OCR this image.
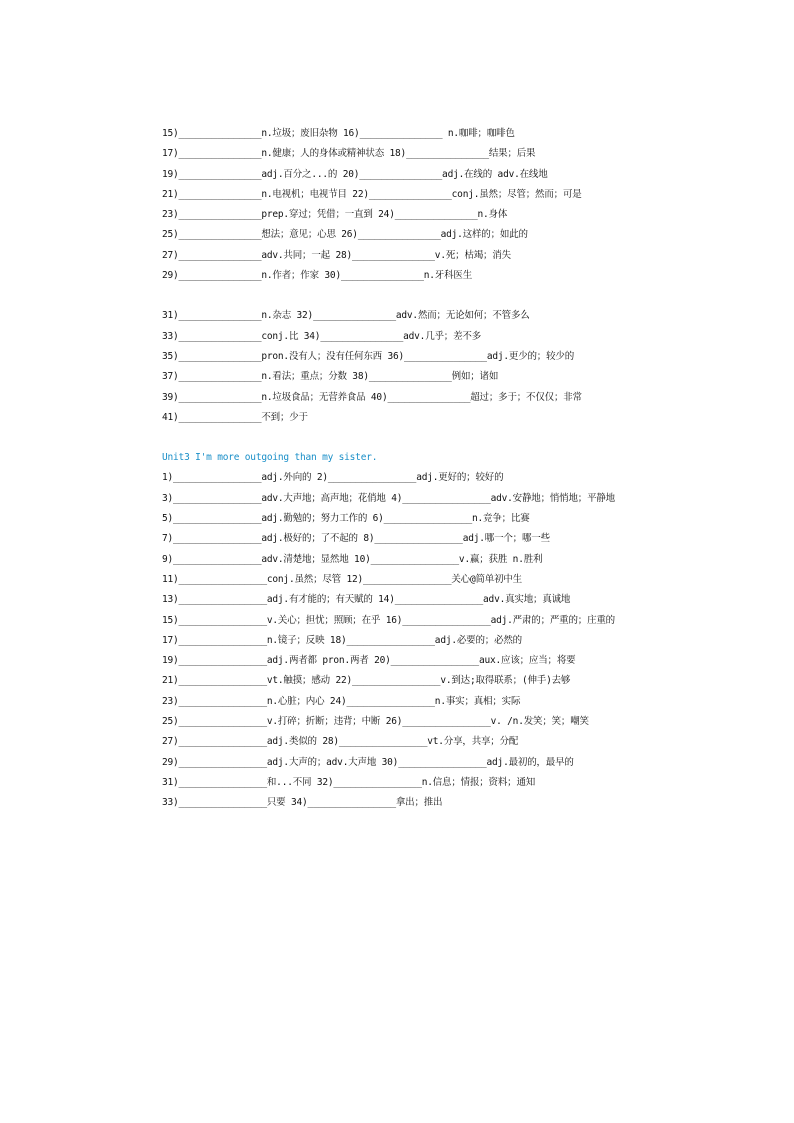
15)_______________n.垃圾；废旧杂物 16)_______________ n.咖啡；咖啡色
17)_______________n.健康；人的身体或精神状态 18)_______________结果；后果
19)_______________adj.百分之...的 20)_______________adj.在线的 adv.在线地
21)_______________n.电视机；电视节目 22)_______________conj.虽然；尽管；然而；可是
23)_______________prep.穿过；凭借；一直到 24)_______________n.身体
25)_______________想法；意见；心思 26)_______________adj.这样的；如此的
27)_______________adv.共同；一起 28)_______________v.死；枯竭；消失
29)_______________n.作者；作家 30)_______________n.牙科医生
31)_______________n.杂志 32)_______________adv.然而；无论如何；不管多么
33)_______________conj.比 34)_______________adv.几乎；差不多
35)_______________pron.没有人；没有任何东西 36)_______________adj.更少的；较少的
37)_______________n.看法；重点；分数 38)_______________例如；诸如
39)_______________n.垃圾食品；无营养食品 40)_______________超过；多于；不仅仅；非常
41)_______________不到；少于
Unit3 I'm more outgoing than my sister.
1)________________adj.外向的 2)________________adj.更好的；较好的
3)________________adv.大声地；高声地；花俏地 4)________________adv.安静地；悄悄地；平静地
5)________________adj.勤勉的；努力工作的 6)________________n.竞争；比赛
7)________________adj.极好的；了不起的 8)________________adj.哪一个；哪一些
9)________________adv.清楚地；显然地 10)________________v.赢；获胜 n.胜利
11)________________conj.虽然；尽管 12)________________关心@简单初中生
13)________________adj.有才能的；有天赋的 14)________________adv.真实地；真诚地
15)________________v.关心；担忧；照顾；在乎 16)________________adj.严肃的；严重的；庄重的
17)________________n.镜子；反映 18)________________adj.必要的；必然的
19)________________adj.两者都 pron.两者 20)________________aux.应该；应当；将要
21)________________vt.触摸；感动 22)________________v.到达;取得联系；(伸手)去够
23)________________n.心脏；内心 24)________________n.事实；真相；实际
25)________________v.打碎；折断；违背；中断 26)________________v. /n.发笑；笑；嘲笑
27)________________adj.类似的 28)________________vt.分享，共享；分配
29)________________adj.大声的；adv.大声地 30)________________adj.最初的，最早的
31)________________和...不同 32)________________n.信息；情报；资料；通知
33)________________只要 34)________________拿出；推出
